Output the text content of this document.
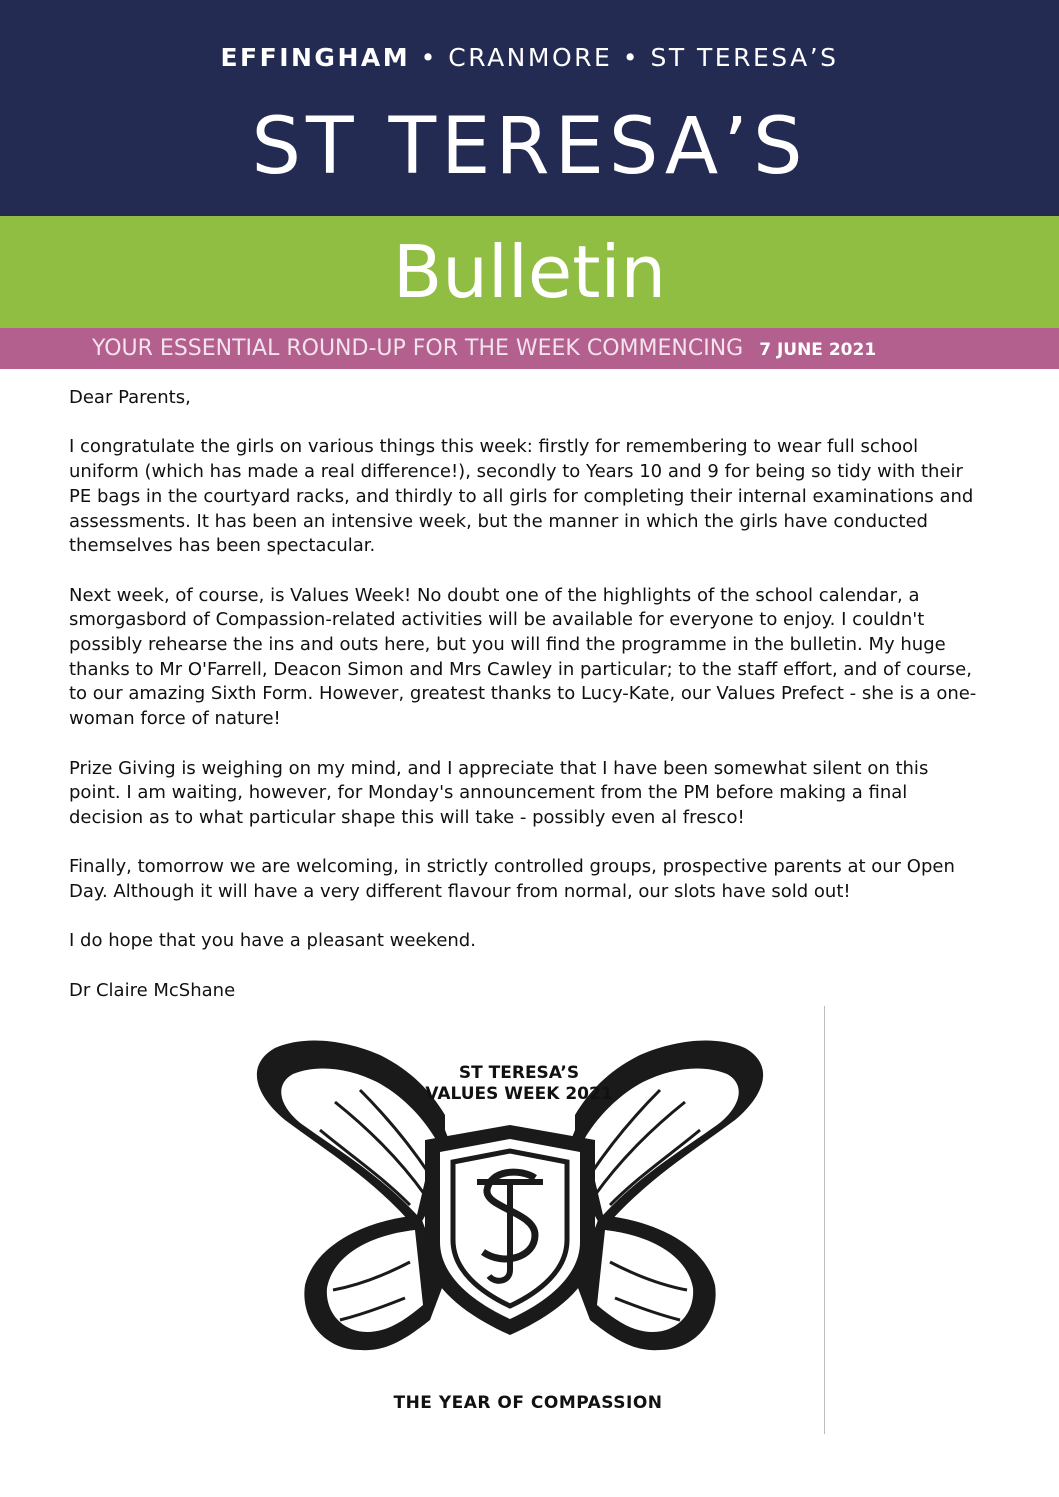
EFFINGHAM • CRANMORE • ST TERESA’S
ST TERESA’S
Bulletin
YOUR ESSENTIAL ROUND-UP FOR THE WEEK COMMENCING 7 JUNE 2021

Dear Parents,

I congratulate the girls on various things this week: firstly for remembering to wear full school uniform (which has made a real difference!), secondly to Years 10 and 9 for being so tidy with their PE bags in the courtyard racks, and thirdly to all girls for completing their internal examinations and assessments. It has been an intensive week, but the manner in which the girls have conducted themselves has been spectacular.

Next week, of course, is Values Week! No doubt one of the highlights of the school calendar, a smorgasbord of Compassion-related activities will be available for everyone to enjoy. I couldn't possibly rehearse the ins and outs here, but you will find the programme in the bulletin. My huge thanks to Mr O'Farrell, Deacon Simon and Mrs Cawley in particular; to the staff effort, and of course, to our amazing Sixth Form. However, greatest thanks to Lucy-Kate, our Values Prefect - she is a one-woman force of nature!

Prize Giving is weighing on my mind, and I appreciate that I have been somewhat silent on this point. I am waiting, however, for Monday's announcement from the PM before making a final decision as to what particular shape this will take - possibly even al fresco!

Finally, tomorrow we are welcoming, in strictly controlled groups, prospective parents at our Open Day. Although it will have a very different flavour from normal, our slots have sold out!

I do hope that you have a pleasant weekend.

Dr Claire McShane

ST TERESA’S
VALUES WEEK 2021
THE YEAR OF COMPASSION
